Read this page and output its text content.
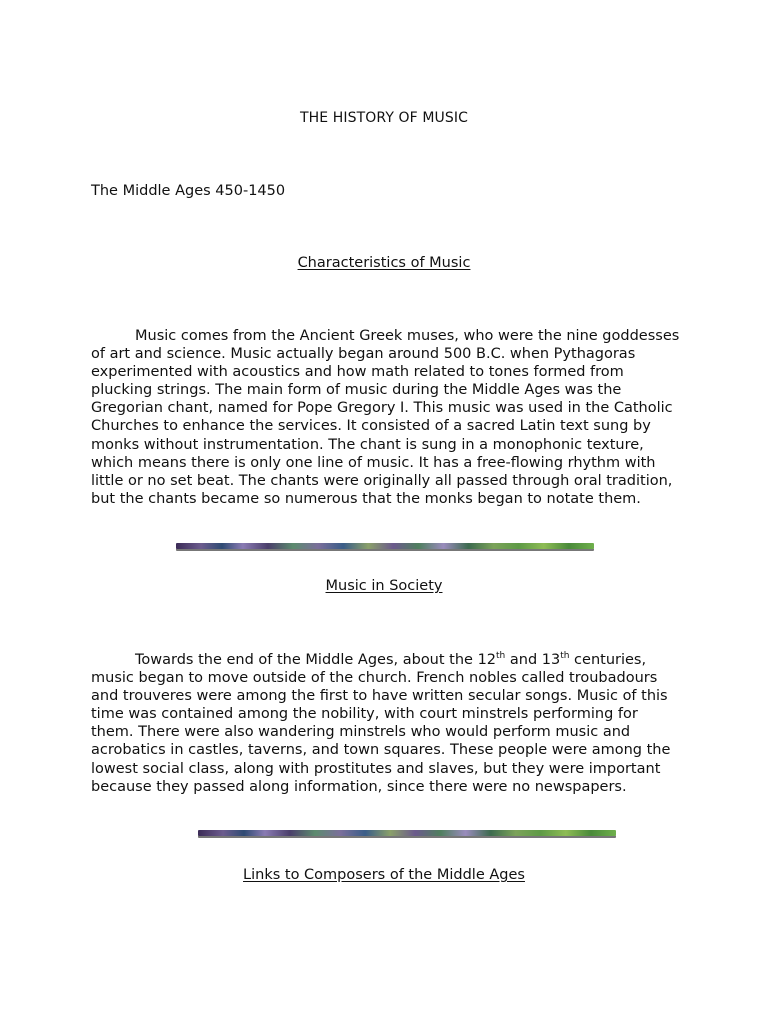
THE HISTORY OF MUSIC
The Middle Ages 450-1450
Characteristics of Music

Music comes from the Ancient Greek muses, who were the nine goddesses of art and science. Music actually began around 500 B.C. when Pythagoras experimented with acoustics and how math related to tones formed from plucking strings. The main form of music during the Middle Ages was the Gregorian chant, named for Pope Gregory I. This music was used in the Catholic Churches to enhance the services. It consisted of a sacred Latin text sung by monks without instrumentation. The chant is sung in a monophonic texture, which means there is only one line of music. It has a free-flowing rhythm with little or no set beat. The chants were originally all passed through oral tradition, but the chants became so numerous that the monks began to notate them.

Music in Society

Towards the end of the Middle Ages, about the 12th and 13th centuries, music began to move outside of the church. French nobles called troubadours and trouveres were among the first to have written secular songs. Music of this time was contained among the nobility, with court minstrels performing for them. There were also wandering minstrels who would perform music and acrobatics in castles, taverns, and town squares. These people were among the lowest social class, along with prostitutes and slaves, but they were important because they passed along information, since there were no newspapers.

Links to Composers of the Middle Ages
